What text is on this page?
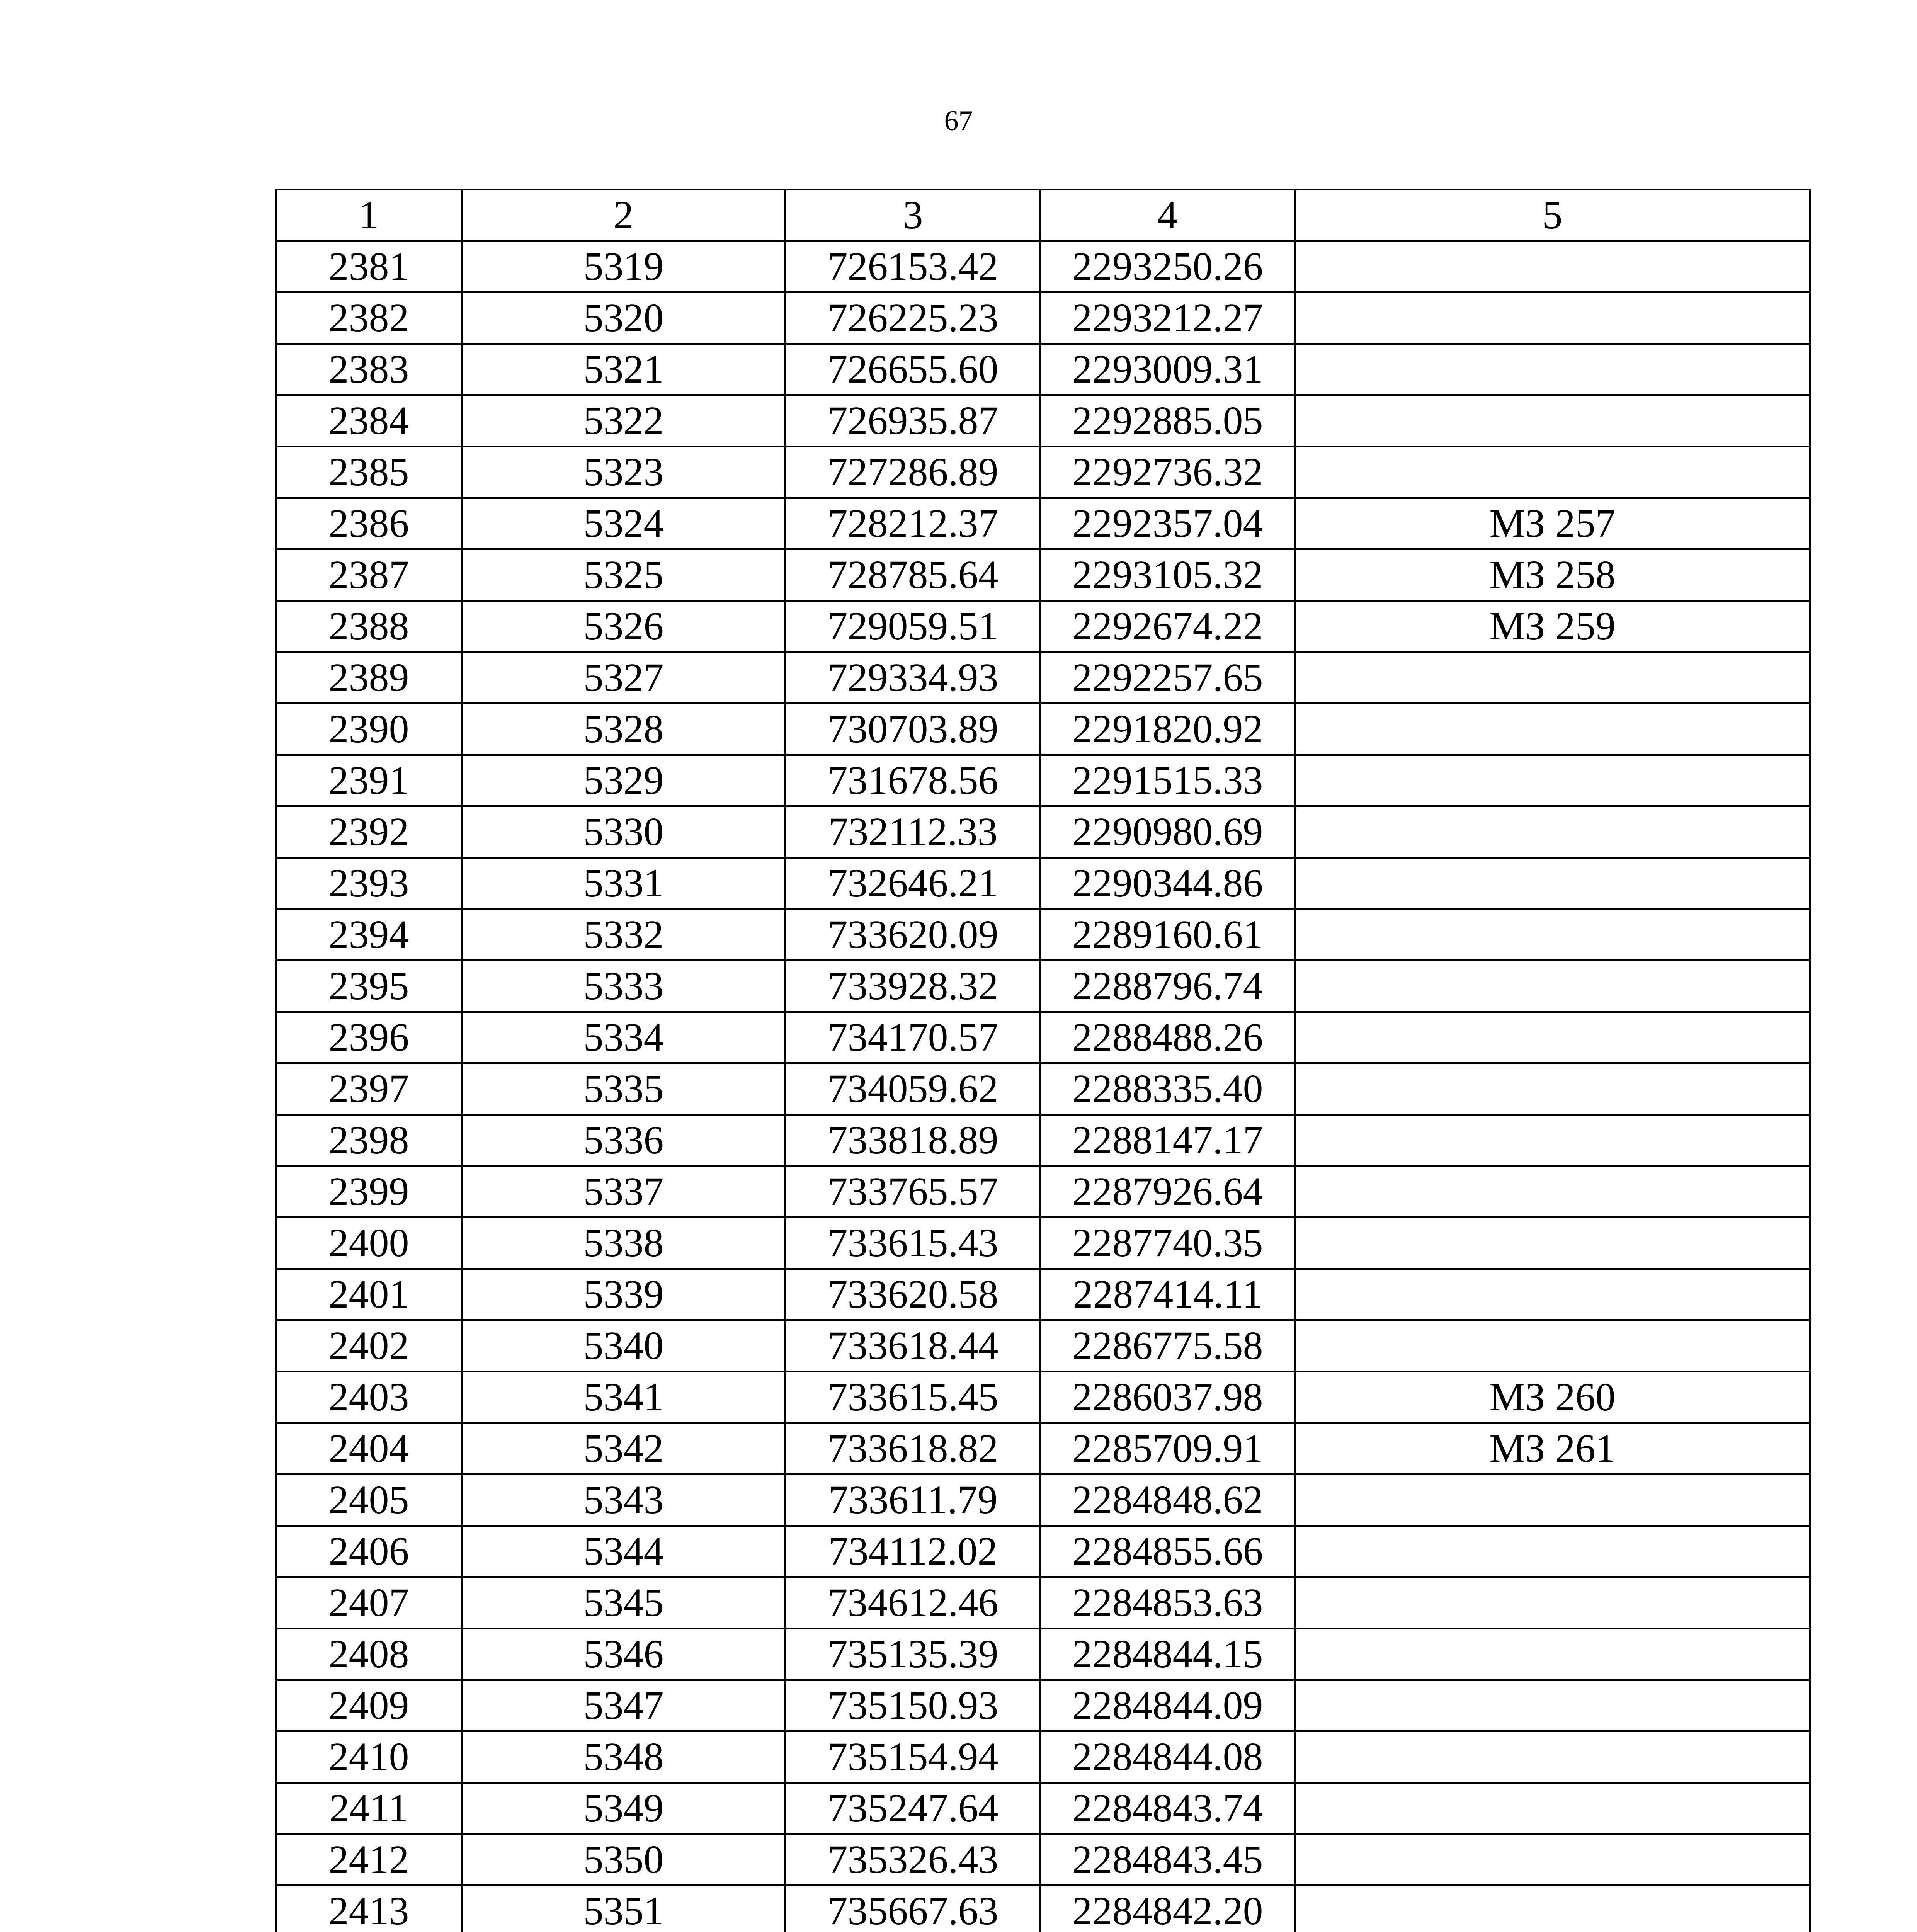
67
1	2	3	4	5
2381	5319	726153.42	2293250.26	
2382	5320	726225.23	2293212.27	
2383	5321	726655.60	2293009.31	
2384	5322	726935.87	2292885.05	
2385	5323	727286.89	2292736.32	
2386	5324	728212.37	2292357.04	МЗ 257
2387	5325	728785.64	2293105.32	МЗ 258
2388	5326	729059.51	2292674.22	МЗ 259
2389	5327	729334.93	2292257.65	
2390	5328	730703.89	2291820.92	
2391	5329	731678.56	2291515.33	
2392	5330	732112.33	2290980.69	
2393	5331	732646.21	2290344.86	
2394	5332	733620.09	2289160.61	
2395	5333	733928.32	2288796.74	
2396	5334	734170.57	2288488.26	
2397	5335	734059.62	2288335.40	
2398	5336	733818.89	2288147.17	
2399	5337	733765.57	2287926.64	
2400	5338	733615.43	2287740.35	
2401	5339	733620.58	2287414.11	
2402	5340	733618.44	2286775.58	
2403	5341	733615.45	2286037.98	МЗ 260
2404	5342	733618.82	2285709.91	МЗ 261
2405	5343	733611.79	2284848.62	
2406	5344	734112.02	2284855.66	
2407	5345	734612.46	2284853.63	
2408	5346	735135.39	2284844.15	
2409	5347	735150.93	2284844.09	
2410	5348	735154.94	2284844.08	
2411	5349	735247.64	2284843.74	
2412	5350	735326.43	2284843.45	
2413	5351	735667.63	2284842.20	
